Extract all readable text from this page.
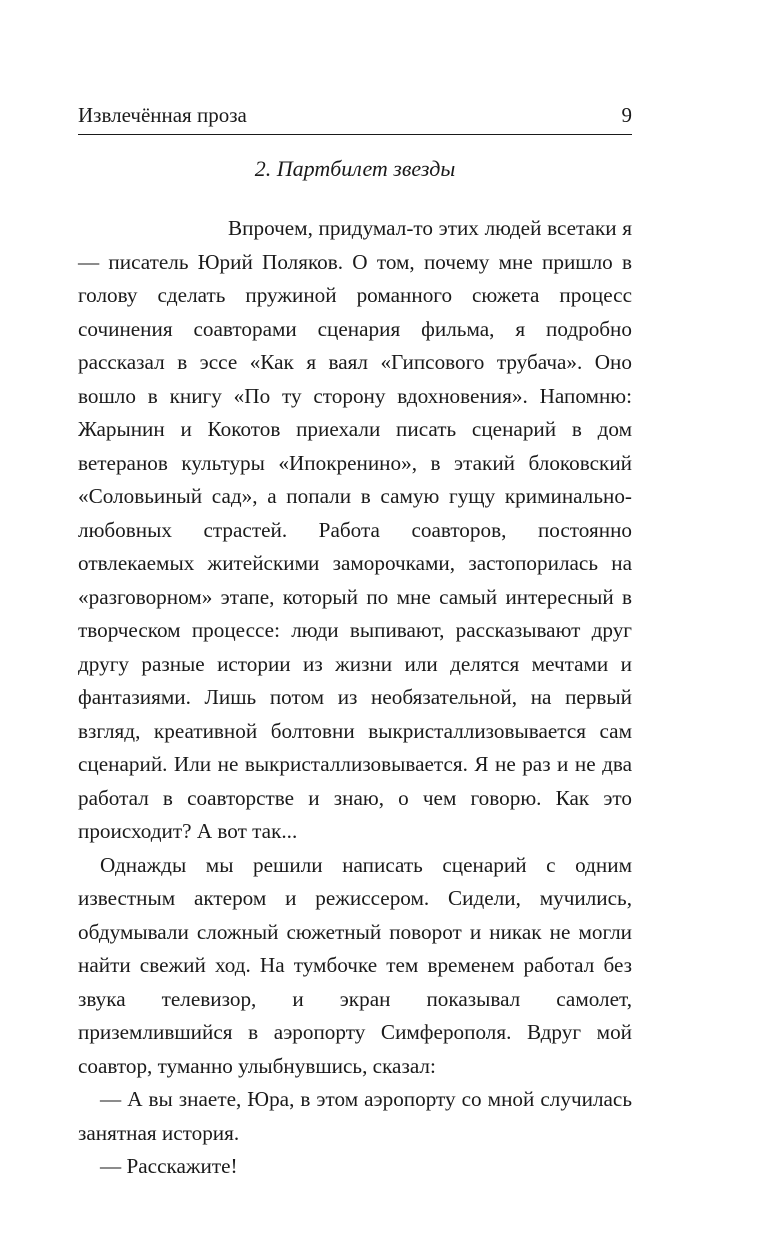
Извлечённая проза	9
2. Партбилет звезды

Впрочем, придумал-то этих людей всетаки я — писатель Юрий Поляков. О том, почему мне пришло в голову сделать пружиной романного сюжета процесс сочинения соавторами сценария фильма, я подробно рассказал в эссе «Как я ваял «Гипсового трубача». Оно вошло в книгу «По ту сторону вдохновения». Напомню: Жарынин и Кокотов приехали писать сценарий в дом ветеранов культуры «Ипокренино», в этакий блоковский «Соловьиный сад», а попали в самую гущу криминально-любовных страстей. Работа соавторов, постоянно отвлекаемых житейскими заморочками, застопорилась на «разговорном» этапе, который по мне самый интересный в творческом процессе: люди выпивают, рассказывают друг другу разные истории из жизни или делятся мечтами и фантазиями. Лишь потом из необязательной, на первый взгляд, креативной болтовни выкристаллизовывается сам сценарий. Или не выкристаллизовывается. Я не раз и не два работал в соавторстве и знаю, о чем говорю. Как это происходит? А вот так...

Однажды мы решили написать сценарий с одним известным актером и режиссером. Сидели, мучились, обдумывали сложный сюжетный поворот и никак не могли найти свежий ход. На тумбочке тем временем работал без звука телевизор, и экран показывал самолет, приземлившийся в аэропорту Симферополя. Вдруг мой соавтор, туманно улыбнувшись, сказал:

— А вы знаете, Юра, в этом аэропорту со мной случилась занятная история.

— Расскажите!
